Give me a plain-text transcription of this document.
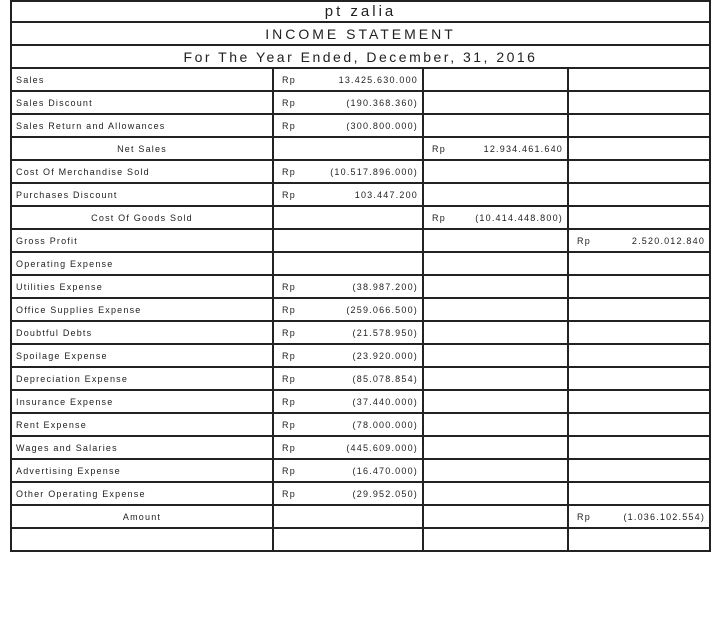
pt zalia			
INCOME STATEMENT			
For The Year Ended, December, 31, 2016			
Sales	Rp 13.425.630.000		

Sales Discount	Rp (190.368.360)		

Sales Return and Allowances	Rp (300.800.000)		

Net Sales		Rp 12.934.461.640	

Cost Of Merchandise Sold	Rp (10.517.896.000)		

Purchases Discount	Rp 103.447.200		

Cost Of Goods Sold		Rp (10.414.448.800)	

Gross Profit			Rp 2.520.012.840

Operating Expense			
Utilities Expense	Rp (38.987.200)		

Office Supplies Expense	Rp (259.066.500)		

Doubtful Debts	Rp (21.578.950)		

Spoilage Expense	Rp (23.920.000)		

Depreciation Expense	Rp (85.078.854)		

Insurance Expense	Rp (37.440.000)		

Rent Expense	Rp (78.000.000)		

Wages and Salaries	Rp (445.609.000)		

Advertising Expense	Rp (16.470.000)		

Other Operating Expense	Rp (29.952.050)		

Amount			Rp (1.036.102.554)
